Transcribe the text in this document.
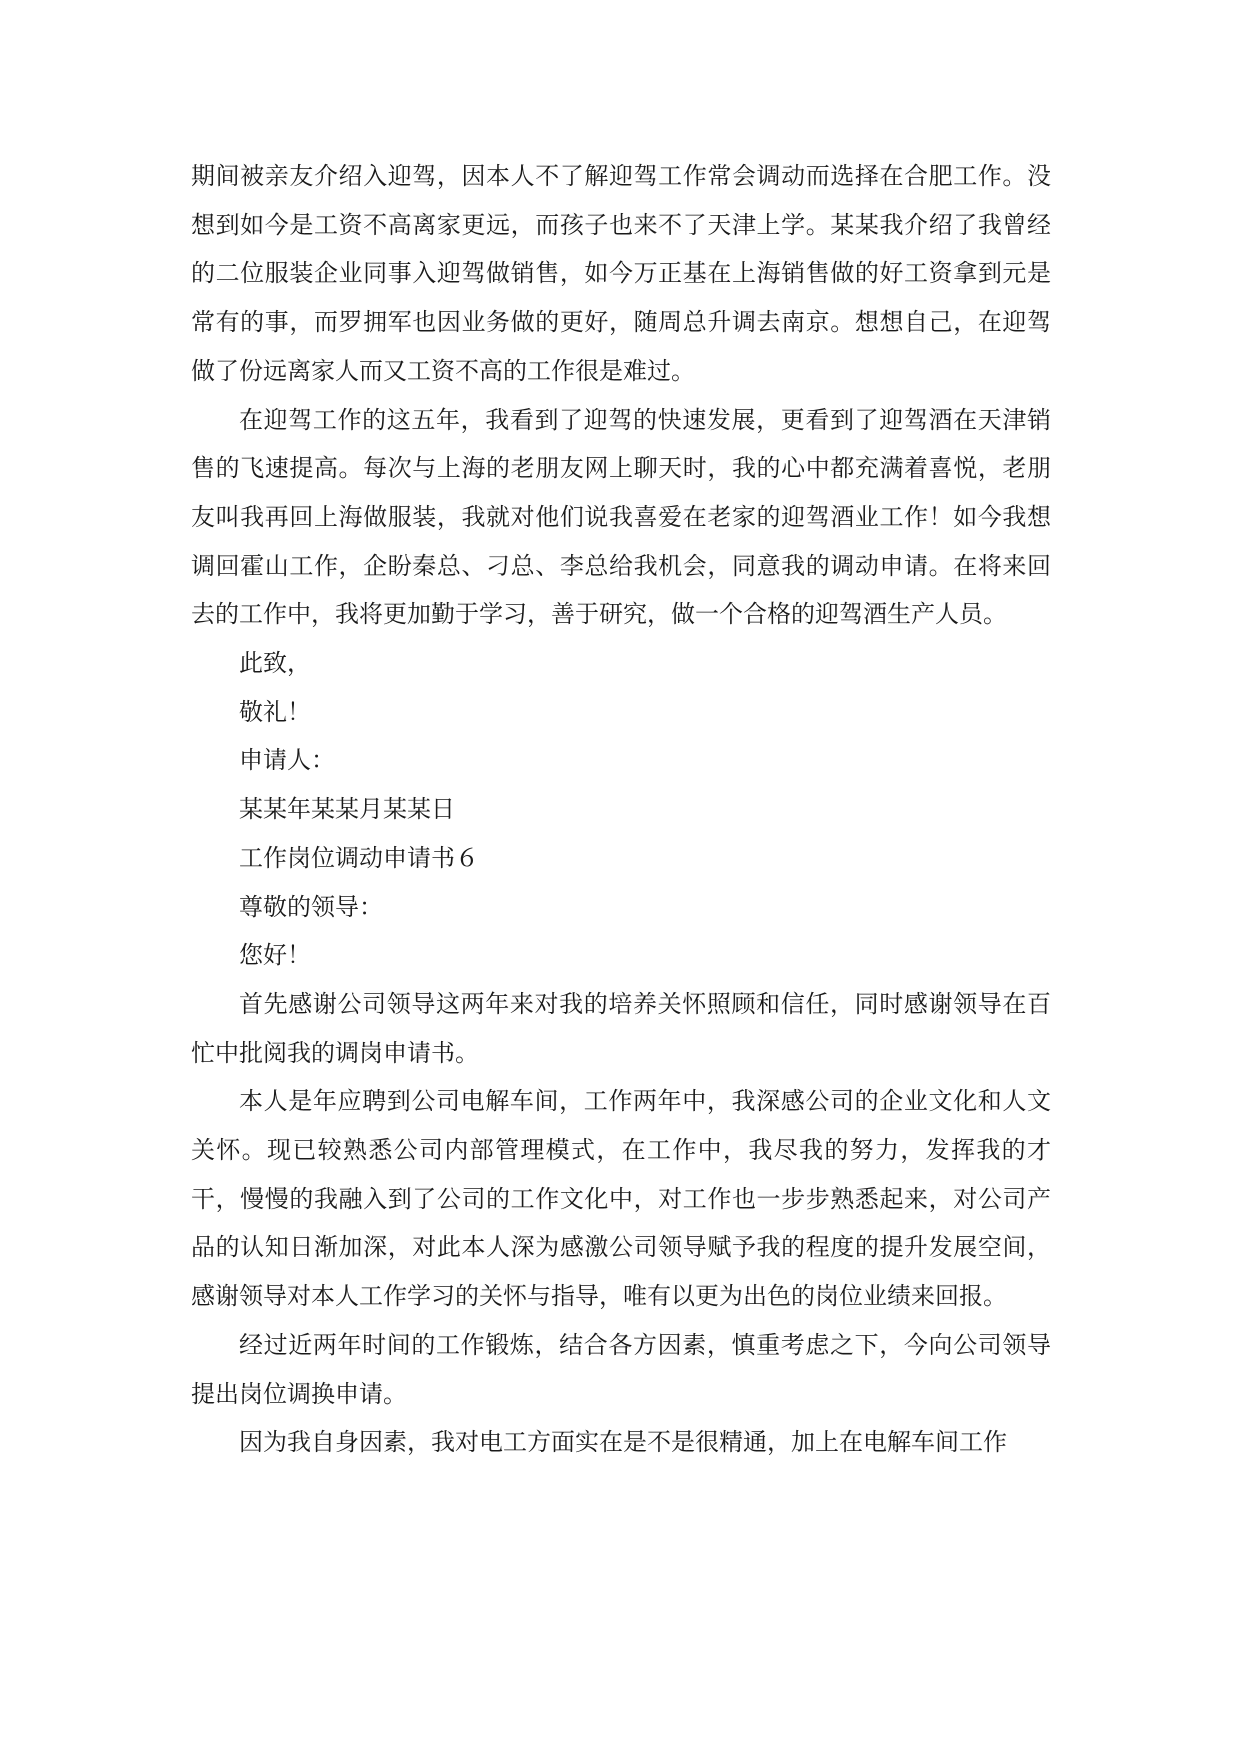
期间被亲友介绍入迎驾，因本人不了解迎驾工作常会调动而选择在合肥工作。没想到如今是工资不高离家更远，而孩子也来不了天津上学。某某我介绍了我曾经的二位服装企业同事入迎驾做销售，如今万正基在上海销售做的好工资拿到元是常有的事，而罗拥军也因业务做的更好，随周总升调去南京。想想自己，在迎驾做了份远离家人而又工资不高的工作很是难过。

在迎驾工作的这五年，我看到了迎驾的快速发展，更看到了迎驾酒在天津销售的飞速提高。每次与上海的老朋友网上聊天时，我的心中都充满着喜悦，老朋友叫我再回上海做服装，我就对他们说我喜爱在老家的迎驾酒业工作！如今我想调回霍山工作，企盼秦总、刁总、李总给我机会，同意我的调动申请。在将来回去的工作中，我将更加勤于学习，善于研究，做一个合格的迎驾酒生产人员。

此致，

敬礼！

申请人：

某某年某某月某某日

工作岗位调动申请书６

尊敬的领导：

您好！

首先感谢公司领导这两年来对我的培养关怀照顾和信任，同时感谢领导在百忙中批阅我的调岗申请书。

本人是年应聘到公司电解车间，工作两年中，我深感公司的企业文化和人文关怀。现已较熟悉公司内部管理模式，在工作中，我尽我的努力，发挥我的才干，慢慢的我融入到了公司的工作文化中，对工作也一步步熟悉起来，对公司产品的认知日渐加深，对此本人深为感激公司领导赋予我的程度的提升发展空间，感谢领导对本人工作学习的关怀与指导，唯有以更为出色的岗位业绩来回报。

经过近两年时间的工作锻炼，结合各方因素，慎重考虑之下，今向公司领导提出岗位调换申请。

因为我自身因素，我对电工方面实在是不是很精通，加上在电解车间工作
